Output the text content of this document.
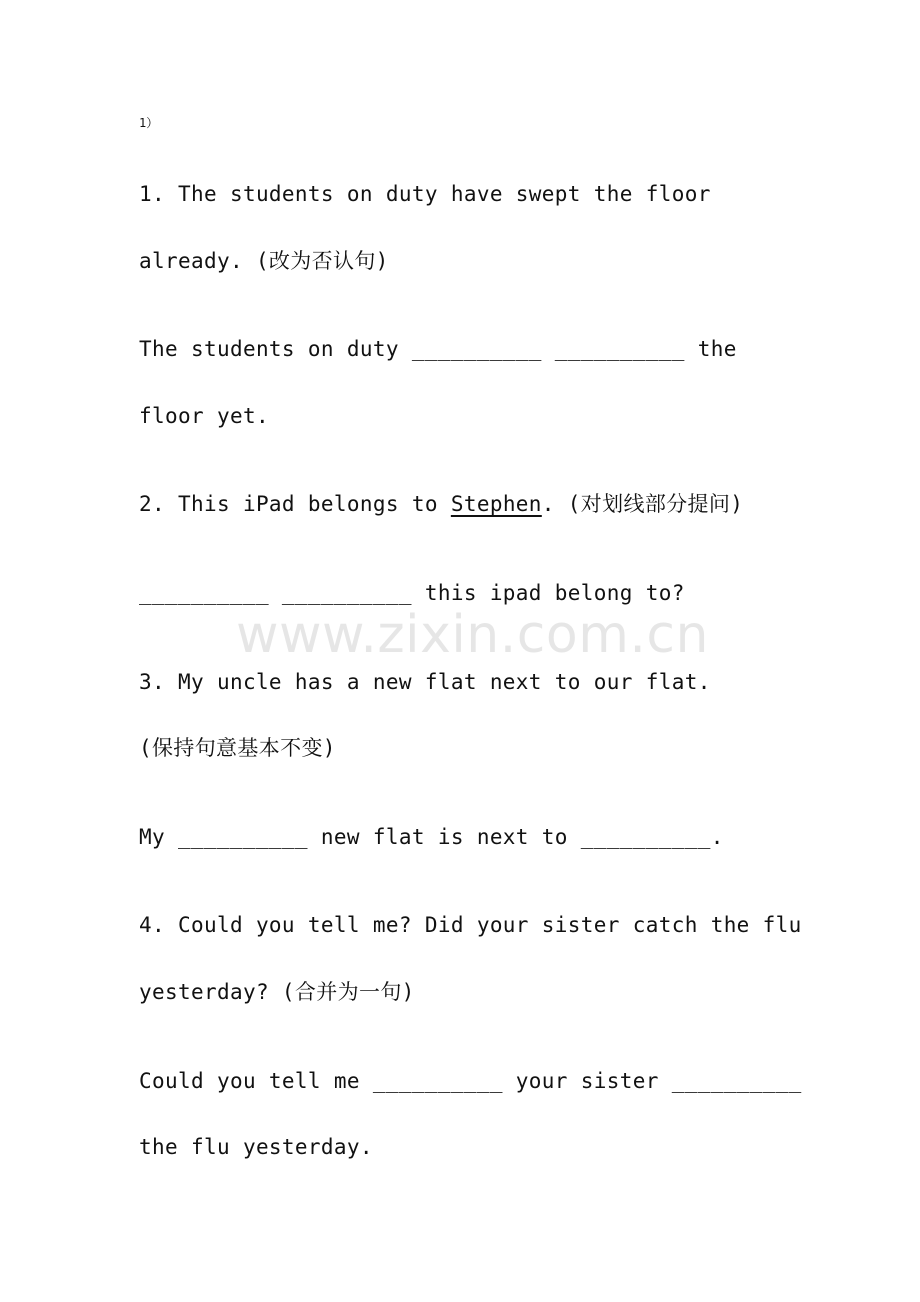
1）
1. The students on duty have swept the floor
already. (改为否认句)
The students on duty __________ __________ the
floor yet.
2. This iPad belongs to Stephen. (对划线部分提问)
__________ __________ this ipad belong to?
3. My uncle has a new flat next to our flat.
(保持句意基本不变)
My __________ new flat is next to __________.
4. Could you tell me? Did your sister catch the flu
yesterday? (合并为一句)
Could you tell me __________ your sister __________
the flu yesterday.
www.zixin.com.cn
